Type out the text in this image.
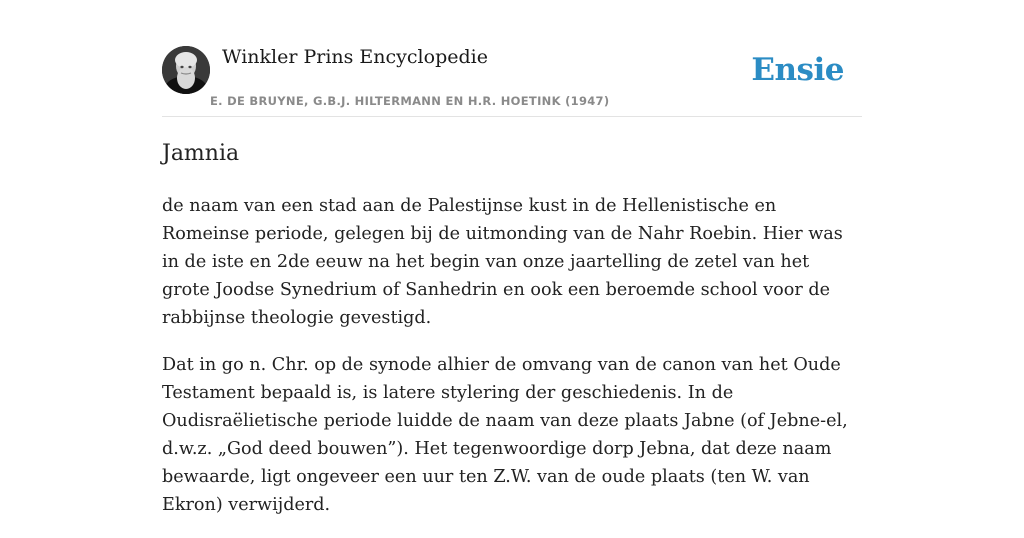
Winkler Prins Encyclopedie
E. DE BRUYNE, G.B.J. HILTERMANN EN H.R. HOETINK (1947)
Ensie
Jamnia

de naam van een stad aan de Palestijnse kust in de Hellenistische en Romeinse periode, gelegen bij de uitmonding van de Nahr Roebin. Hier was in de iste en 2de eeuw na het begin van onze jaartelling de zetel van het grote Joodse Synedrium of Sanhedrin en ook een beroemde school voor de rabbijnse theologie gevestigd.

Dat in go n. Chr. op de synode alhier de omvang van de canon van het Oude Testament bepaald is, is latere stylering der geschiedenis. In de Oudisraëlietische periode luidde de naam van deze plaats Jabne (of Jebne-el, d.w.z. „God deed bouwen”). Het tegenwoordige dorp Jebna, dat deze naam bewaarde, ligt ongeveer een uur ten Z.W. van de oude plaats (ten W. van Ekron) verwijderd.
